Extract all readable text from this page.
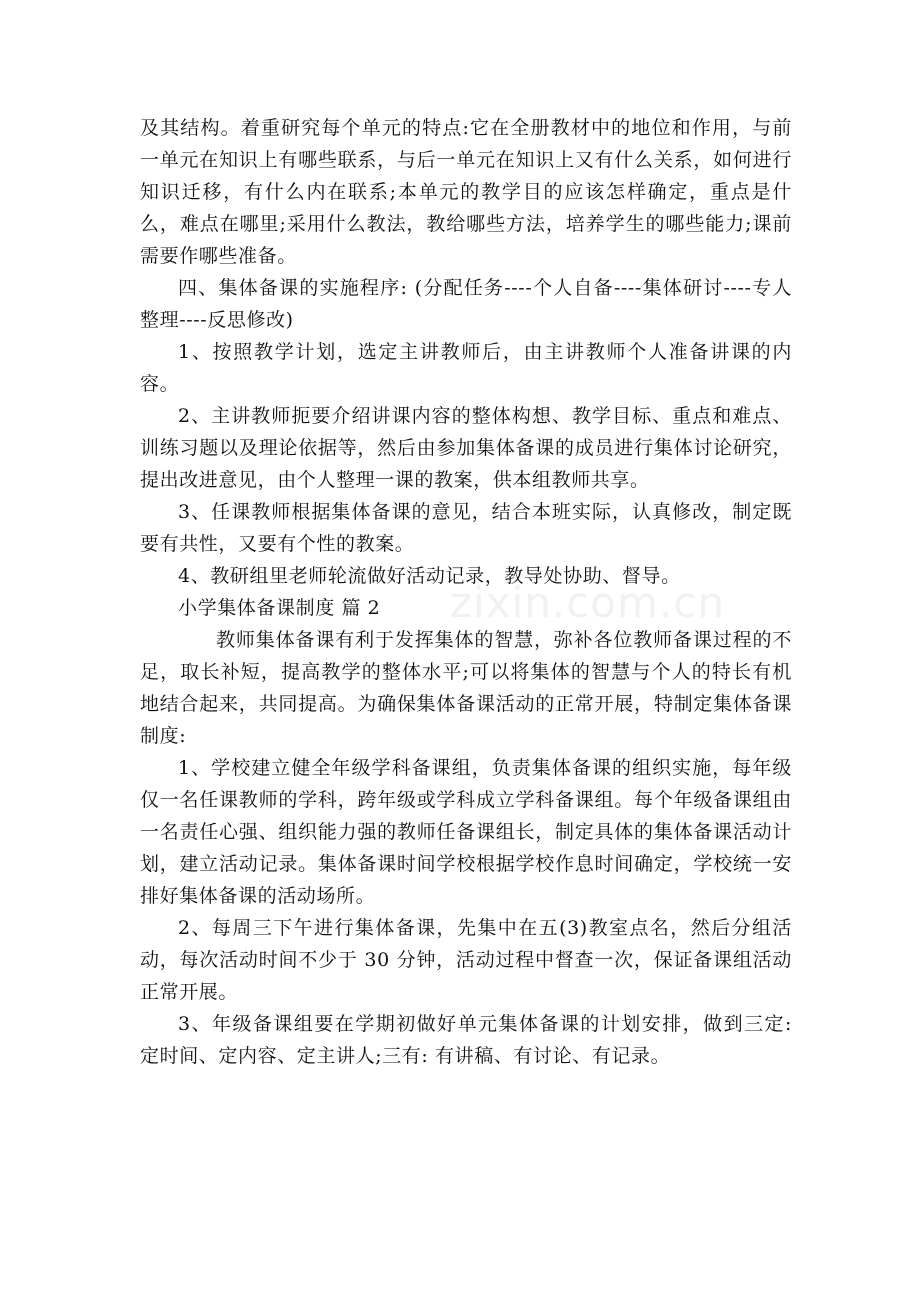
zixin.com.cn

及其结构。着重研究每个单元的特点:它在全册教材中的地位和作用，与前一单元在知识上有哪些联系，与后一单元在知识上又有什么关系，如何进行知识迁移，有什么内在联系;本单元的教学目的应该怎样确定，重点是什么，难点在哪里;采用什么教法，教给哪些方法，培养学生的哪些能力;课前需要作哪些准备。

四、集体备课的实施程序: (分配任务----个人自备----集体研讨----专人整理----反思修改)

1、按照教学计划，选定主讲教师后，由主讲教师个人准备讲课的内容。

2、主讲教师扼要介绍讲课内容的整体构想、教学目标、重点和难点、训练习题以及理论依据等，然后由参加集体备课的成员进行集体讨论研究，提出改进意见，由个人整理一课的教案，供本组教师共享。

3、任课教师根据集体备课的意见，结合本班实际，认真修改，制定既要有共性，又要有个性的教案。

4、教研组里老师轮流做好活动记录，教导处协助、督导。

小学集体备课制度 篇 2

教师集体备课有利于发挥集体的智慧，弥补各位教师备课过程的不足，取长补短，提高教学的整体水平;可以将集体的智慧与个人的特长有机地结合起来，共同提高。为确保集体备课活动的正常开展，特制定集体备课制度:

1、学校建立健全年级学科备课组，负责集体备课的组织实施，每年级仅一名任课教师的学科，跨年级或学科成立学科备课组。每个年级备课组由一名责任心强、组织能力强的教师任备课组长，制定具体的集体备课活动计划，建立活动记录。集体备课时间学校根据学校作息时间确定，学校统一安排好集体备课的活动场所。

2、每周三下午进行集体备课，先集中在五(3)教室点名，然后分组活动，每次活动时间不少于 30 分钟，活动过程中督查一次，保证备课组活动正常开展。

3、年级备课组要在学期初做好单元集体备课的计划安排，做到三定: 定时间、定内容、定主讲人;三有: 有讲稿、有讨论、有记录。
